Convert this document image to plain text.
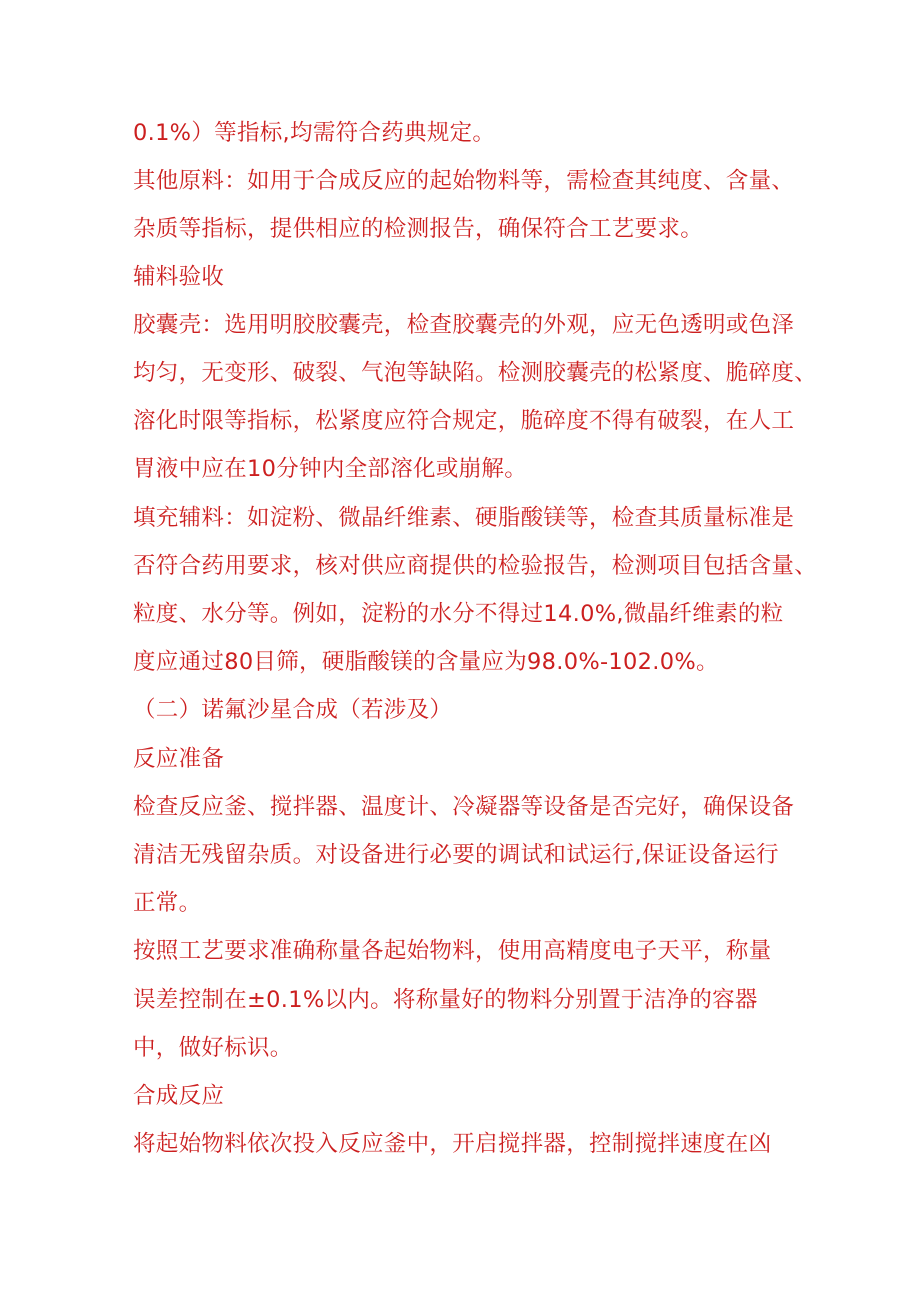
0.1%）等指标,均需符合药典规定。

其他原料：如用于合成反应的起始物料等，需检查其纯度、含量、

杂质等指标，提供相应的检测报告，确保符合工艺要求。

辅料验收

胶囊壳：选用明胶胶囊壳，检查胶囊壳的外观，应无色透明或色泽

均匀，无变形、破裂、气泡等缺陷。检测胶囊壳的松紧度、脆碎度、

溶化时限等指标，松紧度应符合规定，脆碎度不得有破裂，在人工

胃液中应在10分钟内全部溶化或崩解。

填充辅料：如淀粉、微晶纤维素、硬脂酸镁等，检查其质量标准是

否符合药用要求，核对供应商提供的检验报告，检测项目包括含量、

粒度、水分等。例如，淀粉的水分不得过14.0%,微晶纤维素的粒

度应通过80目筛，硬脂酸镁的含量应为98.0%-102.0%。

（二）诺氟沙星合成（若涉及）

反应准备

检查反应釜、搅拌器、温度计、冷凝器等设备是否完好，确保设备

清洁无残留杂质。对设备进行必要的调试和试运行,保证设备运行

正常。

按照工艺要求准确称量各起始物料，使用高精度电子天平，称量

误差控制在±0.1%以内。将称量好的物料分别置于洁净的容器

中，做好标识。

合成反应

将起始物料依次投入反应釜中，开启搅拌器，控制搅拌速度在凶
